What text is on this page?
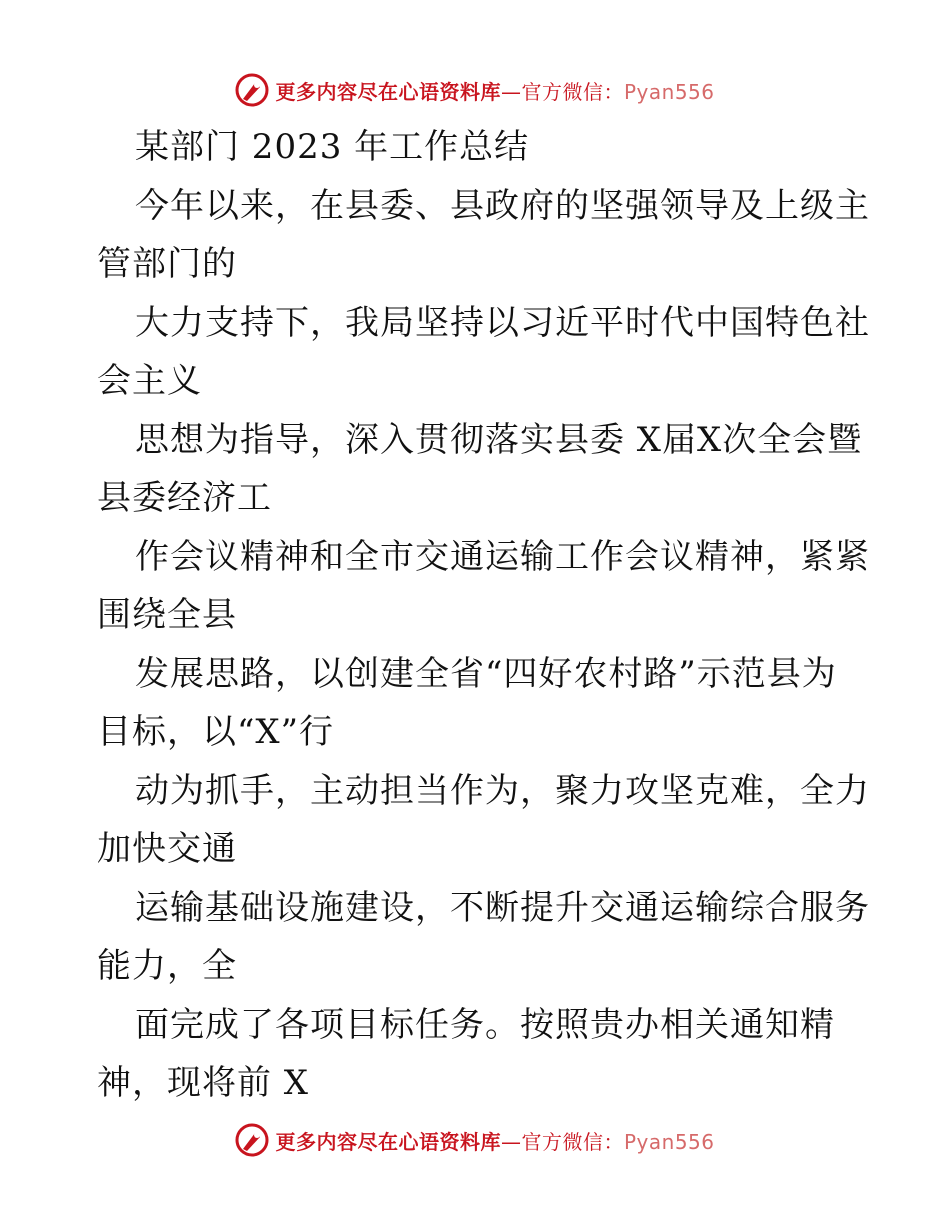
更多内容尽在心语资料库—官方微信：Pyan556
某部门 2023 年工作总结
今年以来，在县委、县政府的坚强领导及上级主
管部门的
大力支持下，我局坚持以习近平时代中国特色社
会主义
思想为指导，深入贯彻落实县委 X届X次全会暨
县委经济工
作会议精神和全市交通运输工作会议精神，紧紧
围绕全县
发展思路，以创建全省“四好农村路”示范县为
目标，以“X”行
动为抓手，主动担当作为，聚力攻坚克难，全力
加快交通
运输基础设施建设，不断提升交通运输综合服务
能力，全
面完成了各项目标任务。按照贵办相关通知精
神，现将前 X
更多内容尽在心语资料库—官方微信：Pyan556
